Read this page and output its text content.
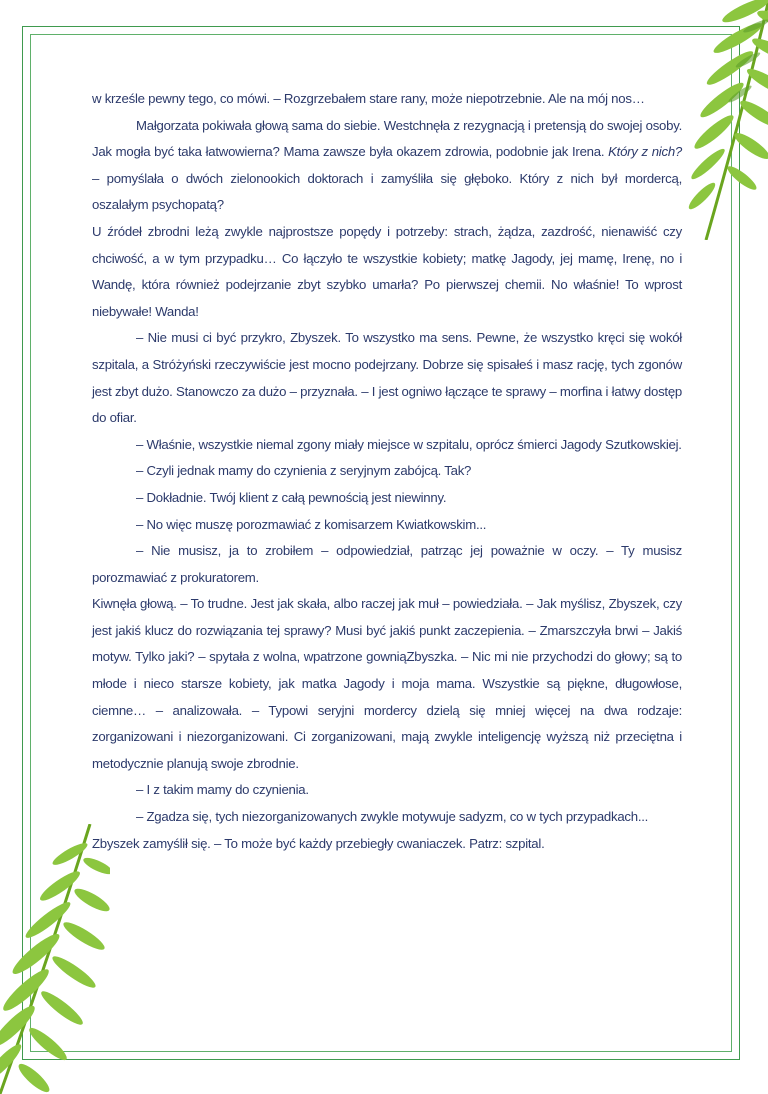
w krześle pewny tego, co mówi. – Rozgrzebałem stare rany, może niepotrzebnie. Ale na mój nos…

Małgorzata pokiwała głową sama do siebie. Westchnęła z rezygnacją i pretensją do swojej osoby. Jak mogła być taka łatwowierna? Mama zawsze była okazem zdrowia, podobnie jak Irena. Który z nich? – pomyślała o dwóch zielonookich doktorach i zamyśliła się głęboko. Który z nich był mordercą, oszalałym psychopatą?

U źródeł zbrodni leżą zwykle najprostsze popędy i potrzeby: strach, żądza, zazdrość, nienawiść czy chciwość, a w tym przypadku… Co łączyło te wszystkie kobiety; matkę Jagody, jej mamę, Irenę, no i Wandę, która również podejrzanie zbyt szybko umarła? Po pierwszej chemii. No właśnie! To wprost niebywałe! Wanda!

– Nie musi ci być przykro, Zbyszek. To wszystko ma sens. Pewne, że wszystko kręci się wokół szpitala, a Stróżyński rzeczywiście jest mocno podejrzany. Dobrze się spisałeś i masz rację, tych zgonów jest zbyt dużo. Stanowczo za dużo – przyznała. – I jest ogniwo łączące te sprawy – morfina i łatwy dostęp do ofiar.

– Właśnie, wszystkie niemal zgony miały miejsce w szpitalu, oprócz śmierci Jagody Szutkowskiej.

– Czyli jednak mamy do czynienia z seryjnym zabójcą. Tak?

– Dokładnie. Twój klient z całą pewnością jest niewinny.

– No więc muszę porozmawiać z komisarzem Kwiatkowskim...

– Nie musisz, ja to zrobiłem – odpowiedział, patrząc jej poważnie w oczy. – Ty musisz porozmawiać z prokuratorem.

Kiwnęła głową. – To trudne. Jest jak skała, albo raczej jak muł – powiedziała. – Jak myślisz, Zbyszek, czy jest jakiś klucz do rozwiązania tej sprawy? Musi być jakiś punkt zaczepienia. – Zmarszczyła brwi – Jakiś motyw. Tylko jaki? – spytała z wolna, wpatrzone gowniąZbyszka. – Nic mi nie przychodzi do głowy; są to młode i nieco starsze kobiety, jak matka Jagody i moja mama. Wszystkie są piękne, długowłose, ciemne… – analizowała. – Typowi seryjni mordercy dzielą się mniej więcej na dwa rodzaje: zorganizowani i niezorganizowani. Ci zorganizowani, mają zwykle inteligencję wyższą niż przeciętna i metodycznie planują swoje zbrodnie.

– I z takim mamy do czynienia.

– Zgadza się, tych niezorganizowanych zwykle motywuje sadyzm, co w tych przypadkach...

Zbyszek zamyślił się. – To może być każdy przebiegły cwaniaczek. Patrz: szpital.
